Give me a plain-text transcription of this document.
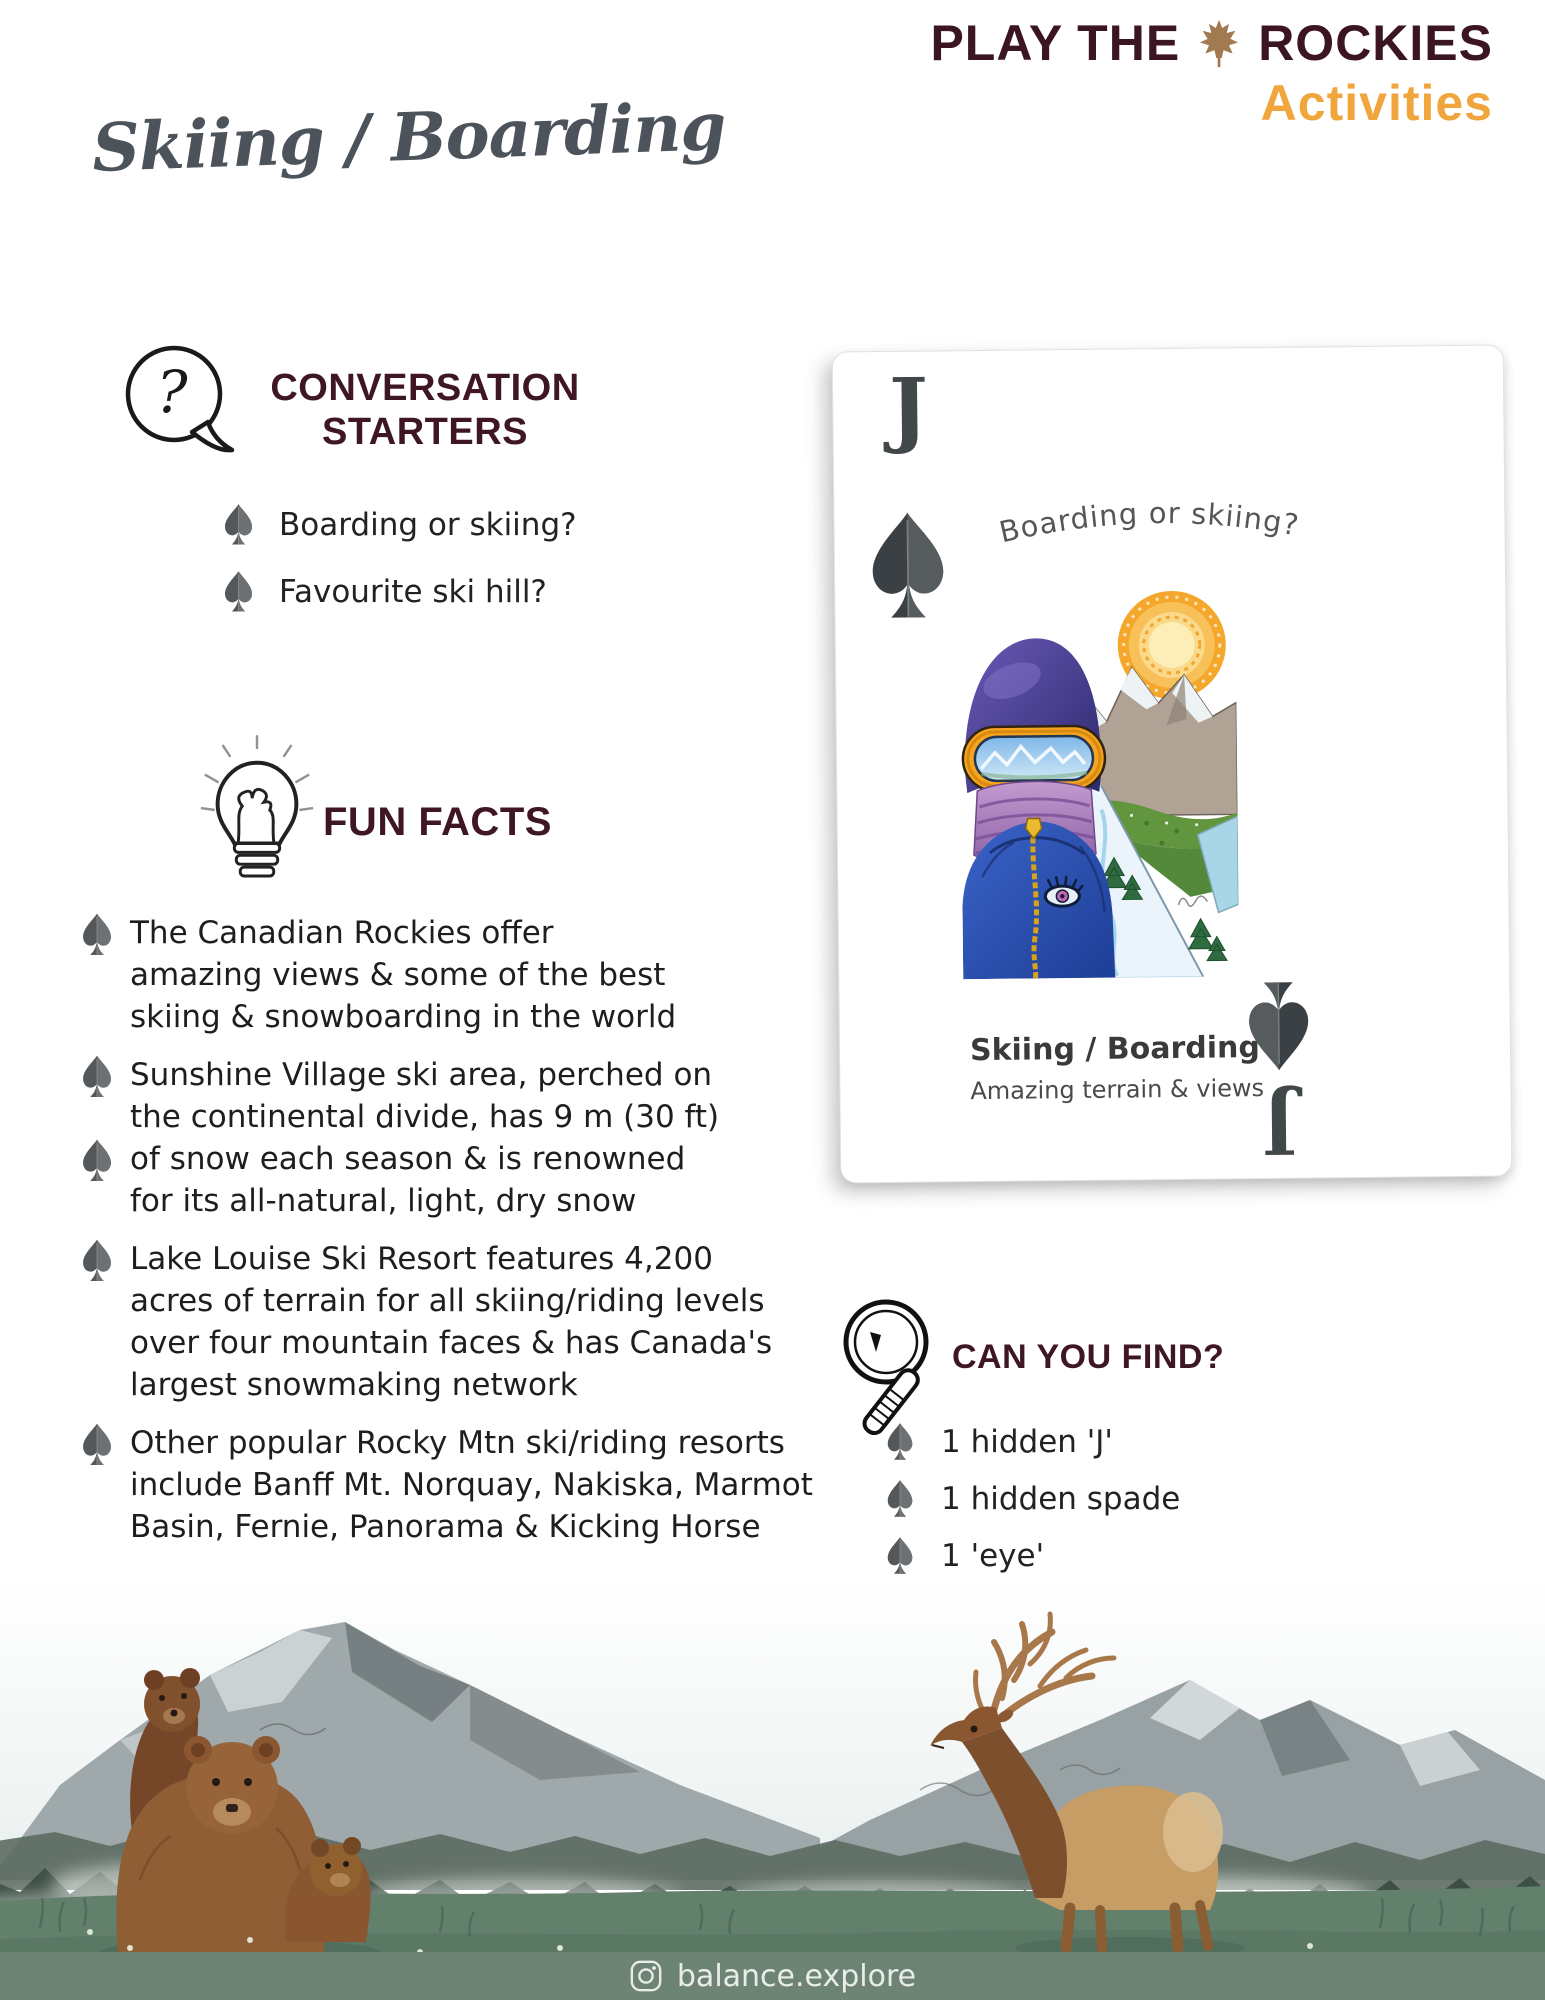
PLAY THE ROCKIES
Activities
Skiing / Boarding
?	CONVERSATION
STARTERS
Boarding or skiing?
Favourite ski hill?
FUN FACTS
The Canadian Rockies offer
amazing views & some of the best
skiing & snowboarding in the world
Sunshine Village ski area, perched on
the continental divide, has 9 m (30 ft)
of snow each season & is renowned
for its all-natural, light, dry snow
Lake Louise Ski Resort features 4,200
acres of terrain for all skiing/riding levels
over four mountain faces & has Canada's
largest snowmaking network
Other popular Rocky Mtn ski/riding resorts
include Banff Mt. Norquay, Nakiska, Marmot
Basin, Fernie, Panorama & Kicking Horse
J
Boarding or skiing?
Skiing / Boarding
Amazing terrain & views
J
CAN YOU FIND?
1 hidden 'J'
1 hidden spade
1 'eye'
balance.explore
